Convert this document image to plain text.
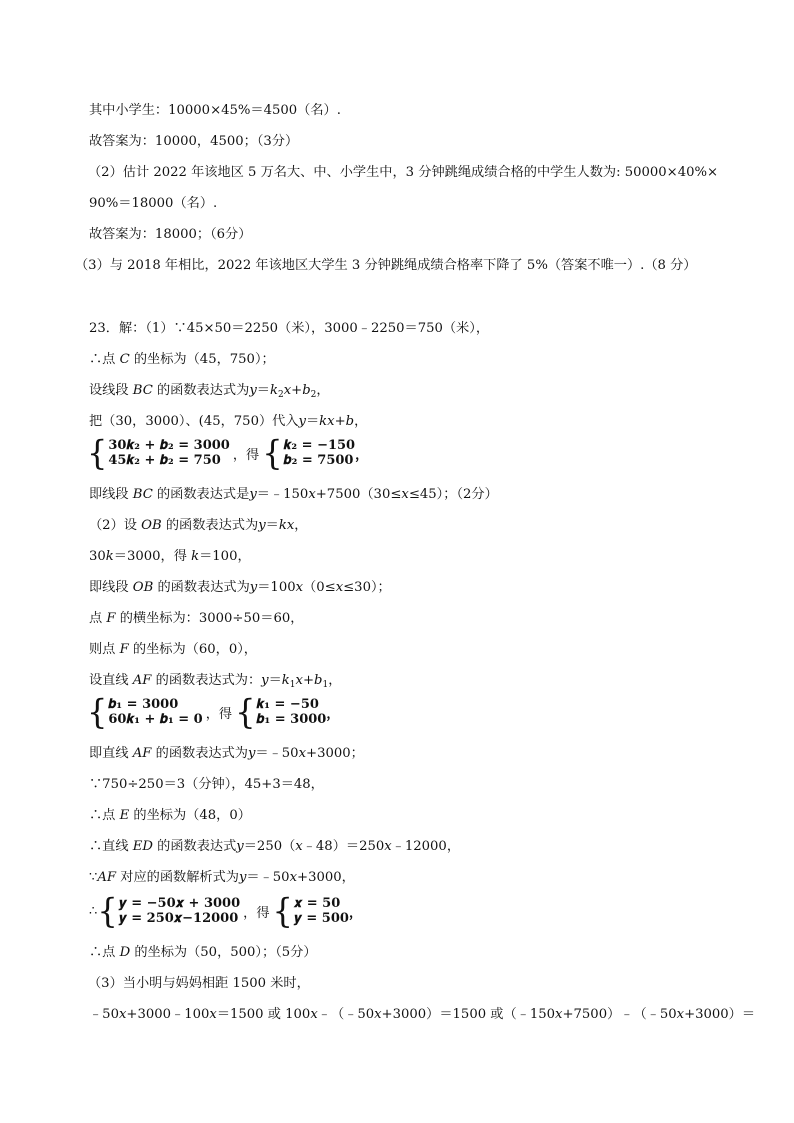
其中小学生：10000×45%＝4500（名）.
故答案为：10000，4500；（3分）
（2）估计 2022 年该地区 5 万名大、中、小学生中，3 分钟跳绳成绩合格的中学生人数为: 50000×40%×
90%＝18000（名）.
故答案为：18000；（6分）
（3）与 2018 年相比，2022 年该地区大学生 3 分钟跳绳成绩合格率下降了 5%（答案不唯一）.（8 分）
23．解：（1）∵45×50＝2250（米），3000﹣2250＝750（米），
∴点 C 的坐标为（45，750）；
设线段 BC 的函数表达式为$y=k_2x+b_2$，
把（30，3000）、(45，750）代入y＝kx+b，
{ 30𝒌₂ + 𝒃₂ = 3000
45𝒌₂ + 𝒃₂ = 750 ，得 { 𝒌₂ = −150
𝒃₂ = 7500 ，
即线段 BC 的函数表达式是y＝﹣150x+7500（30≤x≤45）；（2分）
（2）设 OB 的函数表达式为y＝kx，
30k＝3000，得 k＝100，
即线段 OB 的函数表达式为y＝100x（0≤x≤30）；
点 F 的横坐标为：3000÷50＝60，
则点 F 的坐标为（60，0），
设直线 AF 的函数表达式为：$y=k_1x+b_1$，
{ 𝒃₁ = 3000
60𝒌₁ + 𝒃₁ = 0 ，得 { 𝒌₁ = −50
𝒃₁ = 3000 ，
即直线 AF 的函数表达式为y＝﹣50x+3000；
∵750÷250＝3（分钟），45+3＝48，
∴点 E 的坐标为（48，0）
∴直线 ED 的函数表达式y＝250（x﹣48）＝250x﹣12000，
∵AF 对应的函数解析式为y＝﹣50x+3000，
∴ { 𝒚 = −50𝒙 + 3000
𝒚 = 250𝒙−12000 ，得 { 𝒙 = 50
𝒚 = 500 ，
∴点 D 的坐标为（50，500）；（5分）
（3）当小明与妈妈相距 1500 米时，
﹣50x+3000﹣100x＝1500 或 100x﹣（﹣50x+3000）＝1500 或（﹣150x+7500）﹣（﹣50x+3000）＝
